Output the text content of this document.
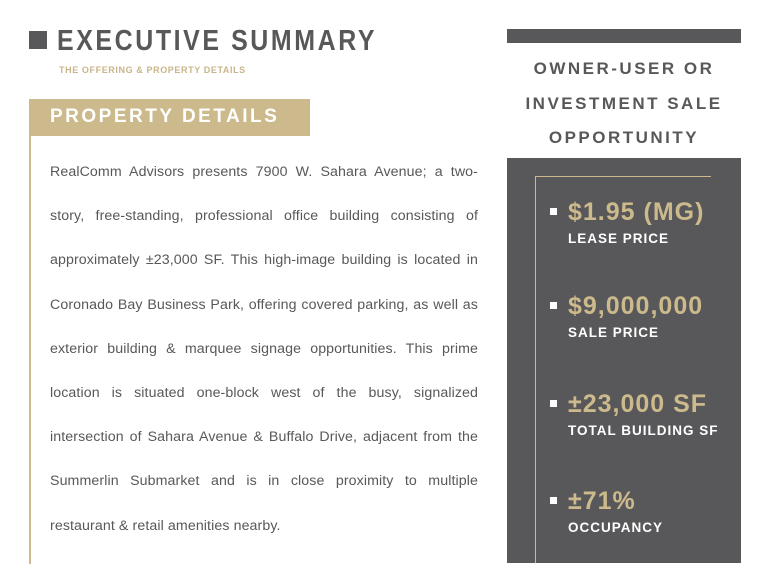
EXECUTIVE SUMMARY
THE OFFERING & PROPERTY DETAILS
PROPERTY DETAILS

RealComm Advisors presents 7900 W. Sahara Avenue; a two-story, free-standing, professional office building consisting of approximately ±23,000 SF. This high-image building is located in Coronado Bay Business Park, offering covered parking, as well as exterior building & marquee signage opportunities. This prime location is situated one-block west of the busy, signalized intersection of Sahara Avenue & Buffalo Drive, adjacent from the Summerlin Submarket and is in close proximity to multiple restaurant & retail amenities nearby.

OWNER-USER OR
INVESTMENT SALE
OPPORTUNITY
$1.95 (MG)
LEASE PRICE
$9,000,000
SALE PRICE
±23,000 SF
TOTAL BUILDING SF
±71%
OCCUPANCY
